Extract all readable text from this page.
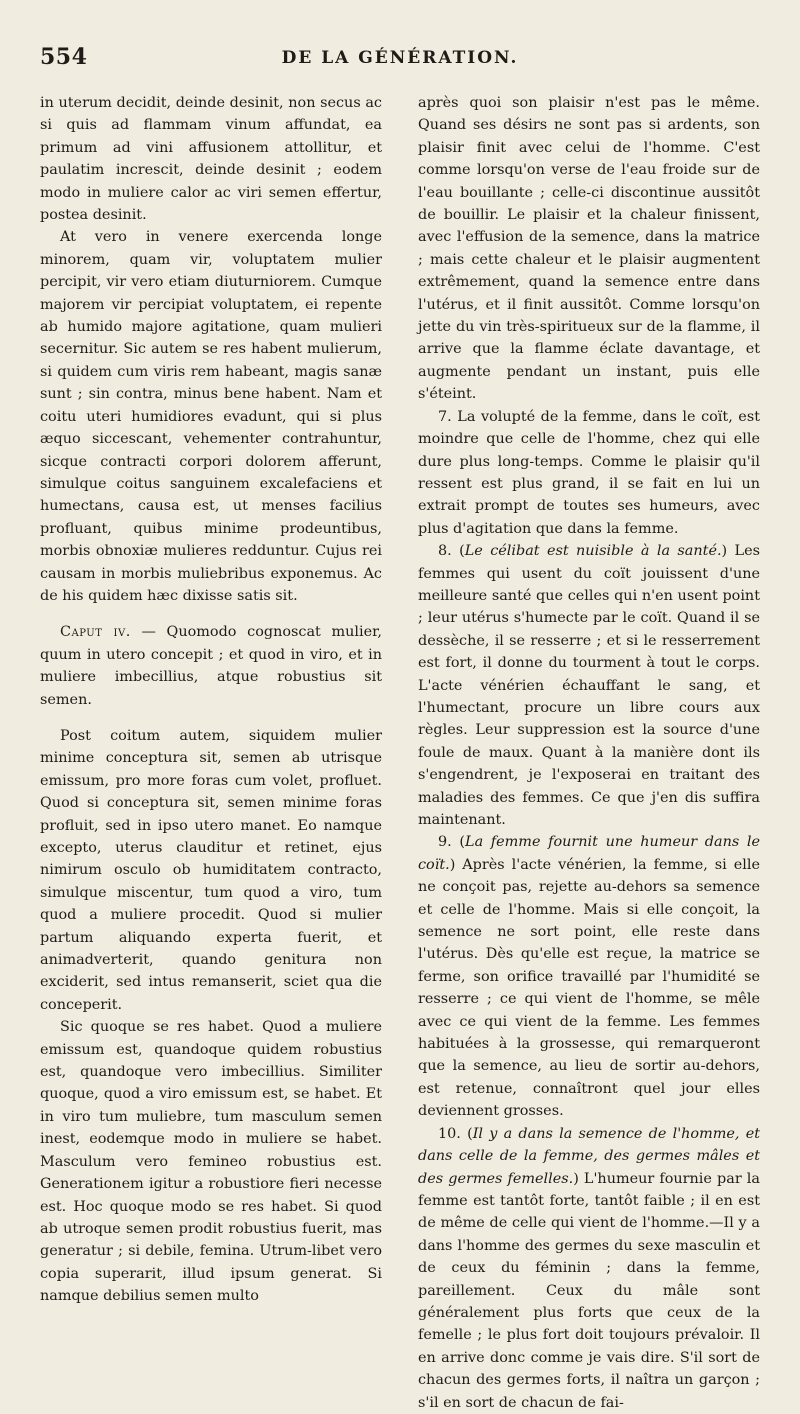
554	DE LA GÉNÉRATION.

in uterum decidit, deinde desinit, non secus ac si quis ad flammam vinum affundat, ea primum ad vini affusionem attollitur, et paulatim increscit, deinde desinit ; eodem modo in muliere calor ac viri semen effertur, postea desinit.

At vero in venere exercenda longe minorem, quam vir, voluptatem mulier percipit, vir vero etiam diuturniorem. Cumque majorem vir percipiat voluptatem, ei repente ab humido majore agitatione, quam mulieri secernitur. Sic autem se res habent mulierum, si quidem cum viris rem habeant, magis sanæ sunt ; sin contra, minus bene habent. Nam et coitu uteri humidiores evadunt, qui si plus æquo siccescant, vehementer contrahuntur, sicque contracti corpori dolorem afferunt, simulque coitus sanguinem excalefaciens et humectans, causa est, ut menses facilius profluant, quibus minime prodeuntibus, morbis obnoxiæ mulieres redduntur. Cujus rei causam in morbis muliebribus exponemus. Ac de his quidem hæc dixisse satis sit.

Caput iv. — Quomodo cognoscat mulier, quum in utero concepit ; et quod in viro, et in muliere imbecillius, atque robustius sit semen.

Post coitum autem, siquidem mulier minime conceptura sit, semen ab utrisque emissum, pro more foras cum volet, profluet. Quod si conceptura sit, semen minime foras profluit, sed in ipso utero manet. Eo namque excepto, uterus clauditur et retinet, ejus nimirum osculo ob humiditatem contracto, simulque miscentur, tum quod a viro, tum quod a muliere procedit. Quod si mulier partum aliquando experta fuerit, et animadverterit, quando genitura non exciderit, sed intus remanserit, sciet qua die conceperit.

Sic quoque se res habet. Quod a muliere emissum est, quandoque quidem robustius est, quandoque vero imbecillius. Similiter quoque, quod a viro emissum est, se habet. Et in viro tum muliebre, tum masculum semen inest, eodemque modo in muliere se habet. Masculum vero femineo robustius est. Generationem igitur a robustiore fieri necesse est. Hoc quoque modo se res habet. Si quod ab utroque semen prodit robustius fuerit, mas generatur ; si debile, femina. Utrum-libet vero copia superarit, illud ipsum generat. Si namque debilius semen multo

après quoi son plaisir n'est pas le même. Quand ses désirs ne sont pas si ardents, son plaisir finit avec celui de l'homme. C'est comme lorsqu'on verse de l'eau froide sur de l'eau bouillante ; celle-ci discontinue aussitôt de bouillir. Le plaisir et la chaleur finissent, avec l'effusion de la semence, dans la matrice ; mais cette chaleur et le plaisir augmentent extrêmement, quand la semence entre dans l'utérus, et il finit aussitôt. Comme lorsqu'on jette du vin très-spiritueux sur de la flamme, il arrive que la flamme éclate davantage, et augmente pendant un instant, puis elle s'éteint.

7. La volupté de la femme, dans le coït, est moindre que celle de l'homme, chez qui elle dure plus long-temps. Comme le plaisir qu'il ressent est plus grand, il se fait en lui un extrait prompt de toutes ses humeurs, avec plus d'agitation que dans la femme.

8. (Le célibat est nuisible à la santé.) Les femmes qui usent du coït jouissent d'une meilleure santé que celles qui n'en usent point ; leur utérus s'humecte par le coït. Quand il se dessèche, il se resserre ; et si le resserrement est fort, il donne du tourment à tout le corps. L'acte vénérien échauffant le sang, et l'humectant, procure un libre cours aux règles. Leur suppression est la source d'une foule de maux. Quant à la manière dont ils s'engendrent, je l'exposerai en traitant des maladies des femmes. Ce que j'en dis suffira maintenant.

9. (La femme fournit une humeur dans le coït.) Après l'acte vénérien, la femme, si elle ne conçoit pas, rejette au-dehors sa semence et celle de l'homme. Mais si elle conçoit, la semence ne sort point, elle reste dans l'utérus. Dès qu'elle est reçue, la matrice se ferme, son orifice travaillé par l'humidité se resserre ; ce qui vient de l'homme, se mêle avec ce qui vient de la femme. Les femmes habituées à la grossesse, qui remarqueront que la semence, au lieu de sortir au-dehors, est retenue, connaîtront quel jour elles deviennent grosses.

10. (Il y a dans la semence de l'homme, et dans celle de la femme, des germes mâles et des germes femelles.) L'humeur fournie par la femme est tantôt forte, tantôt faible ; il en est de même de celle qui vient de l'homme.—Il y a dans l'homme des germes du sexe masculin et de ceux du féminin ; dans la femme, pareillement. Ceux du mâle sont généralement plus forts que ceux de la femelle ; le plus fort doit toujours prévaloir. Il en arrive donc comme je vais dire. S'il sort de chacun des germes forts, il naîtra un garçon ; s'il en sort de chacun de fai-
